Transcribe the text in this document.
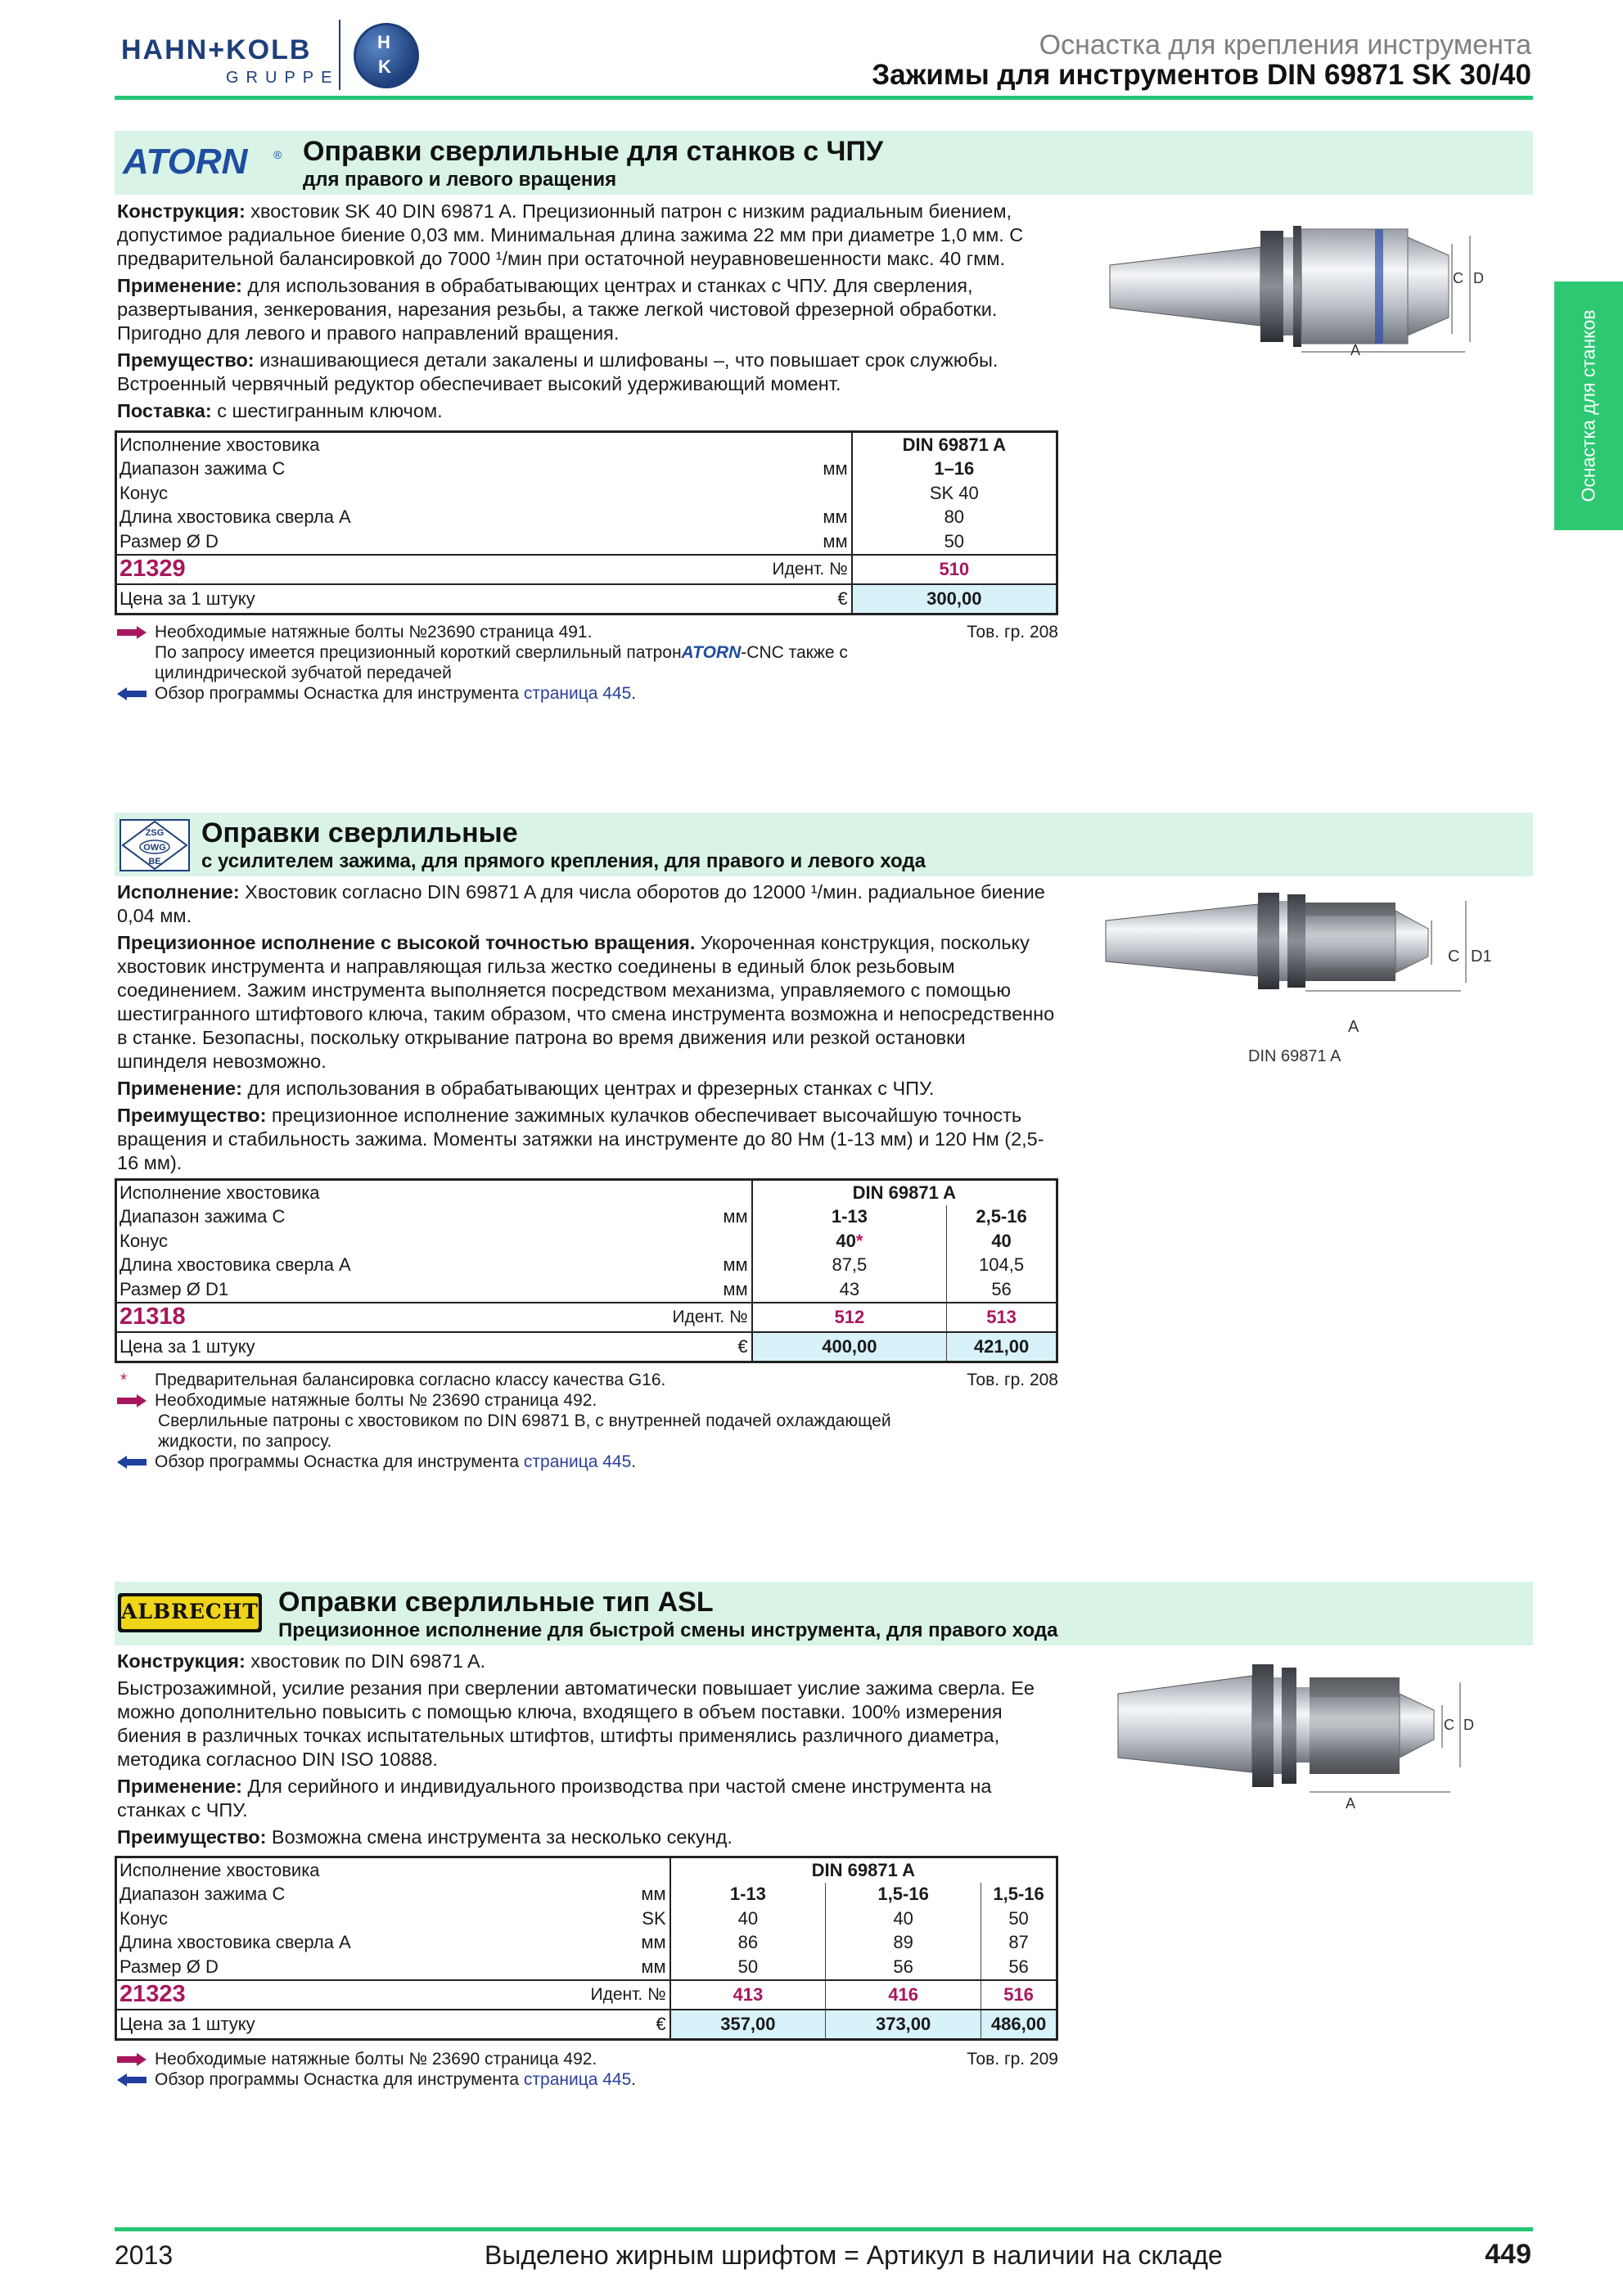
HAHN+KOLB
GRUPPE
H
K
Оснастка для крепления инструмента
Зажимы для инструментов DIN 69871 SK 30/40
Оснастка для станков
ATORN ® Оправки сверлильные для станков с ЧПУ
для правого и левого вращения

Конструкция: хвостовик SK 40 DIN 69871 A. Прецизионный патрон с низким радиальным биением, допустимое радиальное биение 0,03 мм. Минимальная длина зажима 22 мм при диаметре 1,0 мм. С предварительной балансировкой до 7000 ¹/мин при остаточной неуравновешенности макс. 40 гмм.

Применение: для использования в обрабатывающих центрах и станках с ЧПУ. Для сверления, развертывания, зенкерования, нарезания резьбы, а также легкой чистовой фрезерной обработки. Пригодно для левого и правого направлений вращения.

Премущество: изнашивающиеся детали закалены и шлифованы –, что повышает срок служюбы. Встроенный червячный редуктор обеспечивает высокий удерживающий момент.

Поставка: с шестигранным ключом.

C D
A
Исполнение хвостовика		DIN 69871 A
Диапазон зажима C	мм	1–16
Конус		SK 40
Длина хвостовика сверла A	мм	80
Размер Ø D	мм	50
21329	Идент. №	510
Цена за 1 штуку	€	300,00
Необходимые натяжные болты №23690 страница 491.	Тов. гр. 208
По запросу имеется прецизионный короткий сверлильный патронATORN-CNC также с цилиндрической зубчатой передачей
Обзор программы Оснастка для инструмента страница 445.
ZSG
OWG
BE
Оправки сверлильные
с усилителем зажима, для прямого крепления, для правого и левого хода

Исполнение: Хвостовик согласно DIN 69871 A для числа оборотов до 12000 ¹/мин. радиальное биение 0,04 мм.

Прецизионное исполнение с высокой точностью вращения. Укороченная конструкция, поскольку хвостовик инструмента и направляющая гильза жестко соединены в единый блок резьбовым соединением. Зажим инструмента выполняется посредством механизма, управляемого с помощью шестигранного штифтового ключа, таким образом, что смена инструмента возможна и непосредственно в станке. Безопасны, поскольку открывание патрона во время движения или резкой остановки шпинделя невозможно.

Применение: для использования в обрабатывающих центрах и фрезерных станках с ЧПУ.

Преимущество: прецизионное исполнение зажимных кулачков обеспечивает высочайшую точность вращения и стабильность зажима. Моменты затяжки на инструменте до 80 Нм (1-13 мм) и 120 Нм (2,5-16 мм).

C D1
A
DIN 69871 A
Исполнение хвостовика		DIN 69871 A	
Диапазон зажима C	мм	1-13	2,5-16
Конус		40*	40
Длина хвостовика сверла A	мм	87,5	104,5
Размер Ø D1	мм	43	56
21318	Идент. №	512	513
Цена за 1 штуку	€	400,00	421,00
* Предварительная балансировка согласно классу качества G16.	Тов. гр. 208
Необходимые натяжные болты № 23690 страница 492.
Сверлильные патроны с хвостовиком по DIN 69871 B, с внутренней подачей охлаждающей жидкости, по запросу.
Обзор программы Оснастка для инструмента страница 445.
ALBRECHT Оправки сверлильные тип ASL
Прецизионное исполнение для быстрой смены инструмента, для правого хода

Конструкция: хвостовик по DIN 69871 A.

Быстрозажимной, усилие резания при сверлении автоматически повышает уислие зажима сверла. Ее можно дополнительно повысить с помощью ключа, входящего в объем поставки. 100% измерения биения в различных точках испытательных штифтов, штифты применялись различного диаметра, методика согласноо DIN ISO 10888.

Применение: Для серийного и индивидуального производства при частой смене инструмента на станках с ЧПУ.

Преимущество: Возможна смена инструмента за несколько секунд.

C D
A
Исполнение хвостовика		DIN 69871 A		
Диапазон зажима C	мм	1-13	1,5-16	1,5-16
Конус	SK	40	40	50
Длина хвостовика сверла A	мм	86	89	87
Размер Ø D	мм	50	56	56
21323	Идент. №	413	416	516
Цена за 1 штуку	€	357,00	373,00	486,00
Необходимые натяжные болты № 23690 страница 492.	Тов. гр. 209
Обзор программы Оснастка для инструмента страница 445.
2013	Выделено жирным шрифтом = Артикул в наличии на складе	449
